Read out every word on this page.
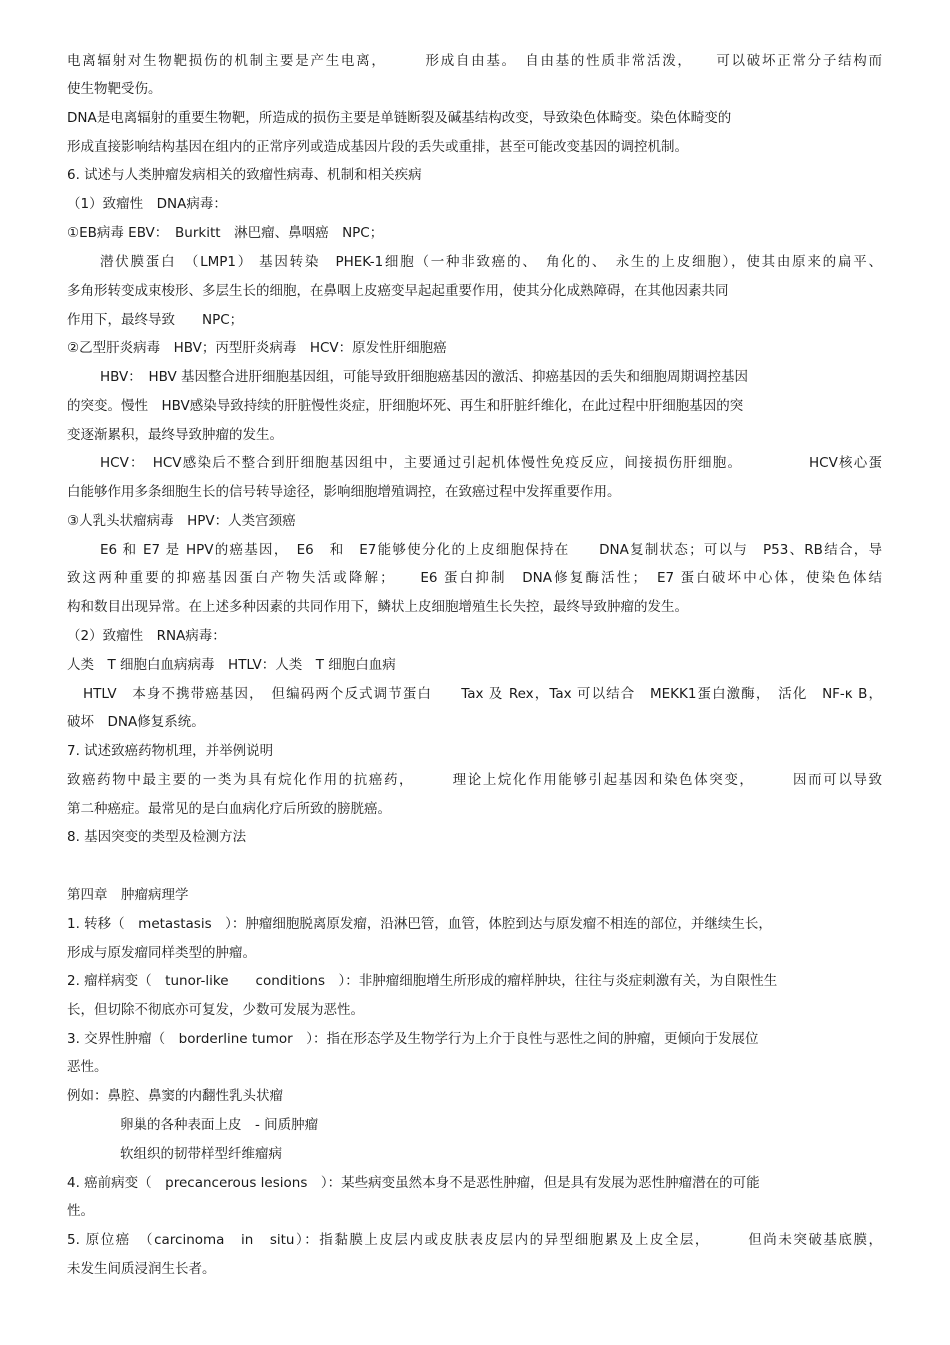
电离辐射对生物靶损伤的机制主要是产生电离，　　　形成自由基。　自由基的性质非常活泼，　　可以破坏正常分子结构而
使生物靶受伤。
DNA是电离辐射的重要生物靶，所造成的损伤主要是单链断裂及碱基结构改变，导致染色体畸变。染色体畸变的
形成直接影响结构基因在组内的正常序列或造成基因片段的丢失或重排，甚至可能改变基因的调控机制。
6. 试述与人类肿瘤发病相关的致瘤性病毒、机制和相关疾病
（1）致瘤性　DNA病毒：
①EB病毒 EBV：　Burkitt　淋巴瘤、鼻咽癌　NPC；
潜伏膜蛋白　（LMP1） 基因转染　PHEK-1细胞（一种非致癌的、　角化的、　永生的上皮细胞），使其由原来的扁平、
多角形转变成束梭形、多层生长的细胞，在鼻咽上皮癌变早起起重要作用，使其分化成熟障碍，在其他因素共同
作用下，最终导致　　NPC；
②乙型肝炎病毒　HBV；丙型肝炎病毒　HCV：原发性肝细胞癌
HBV：　HBV 基因整合进肝细胞基因组，可能导致肝细胞癌基因的激活、抑癌基因的丢失和细胞周期调控基因
的突变。慢性　HBV感染导致持续的肝脏慢性炎症，肝细胞坏死、再生和肝脏纤维化，在此过程中肝细胞基因的突
变逐渐累积，最终导致肿瘤的发生。
HCV：　HCV感染后不整合到肝细胞基因组中，主要通过引起机体慢性免疫反应，间接损伤肝细胞。　　　　　HCV核心蛋
白能够作用多条细胞生长的信号转导途径，影响细胞增殖调控，在致癌过程中发挥重要作用。
③人乳头状瘤病毒　HPV：人类宫颈癌
E6 和 E7 是 HPV的癌基因，　E6　和　E7能够使分化的上皮细胞保持在　　DNA复制状态；可以与　P53、RB结合，导
致这两种重要的抑癌基因蛋白产物失活或降解；　　E6 蛋白抑制　DNA修复酶活性；　E7 蛋白破坏中心体，使染色体结
构和数目出现异常。在上述多种因素的共同作用下，鳞状上皮细胞增殖生长失控，最终导致肿瘤的发生。
（2）致瘤性　RNA病毒：
人类　T 细胞白血病病毒　HTLV：人类　T 细胞白血病
HTLV　本身不携带癌基因，　但编码两个反式调节蛋白　　Tax 及 Rex，Tax 可以结合　MEKK1蛋白激酶，　活化　NF-κ B，
破坏　DNA修复系统。
7. 试述致癌药物机理，并举例说明
致癌药物中最主要的一类为具有烷化作用的抗癌药，　　　理论上烷化作用能够引起基因和染色体突变，　　　因而可以导致
第二种癌症。最常见的是白血病化疗后所致的膀胱癌。
8. 基因突变的类型及检测方法
第四章　肿瘤病理学
1. 转移（　metastasis　）：肿瘤细胞脱离原发瘤，沿淋巴管，血管，体腔到达与原发瘤不相连的部位，并继续生长，
形成与原发瘤同样类型的肿瘤。
2. 瘤样病变（　tunor-like　　conditions　）：非肿瘤细胞增生所形成的瘤样肿块，往往与炎症刺激有关，为自限性生
长，但切除不彻底亦可复发，少数可发展为恶性。
3. 交界性肿瘤（　borderline tumor　）：指在形态学及生物学行为上介于良性与恶性之间的肿瘤，更倾向于发展位
恶性。
例如：鼻腔、鼻窦的内翻性乳头状瘤
卵巢的各种表面上皮　- 间质肿瘤
软组织的韧带样型纤维瘤病
4. 癌前病变（　precancerous lesions　）：某些病变虽然本身不是恶性肿瘤，但是具有发展为恶性肿瘤潜在的可能
性。
5. 原位癌　（carcinoma　in　situ）：指黏膜上皮层内或皮肤表皮层内的异型细胞累及上皮全层，　　　但尚未突破基底膜，
未发生间质浸润生长者。
